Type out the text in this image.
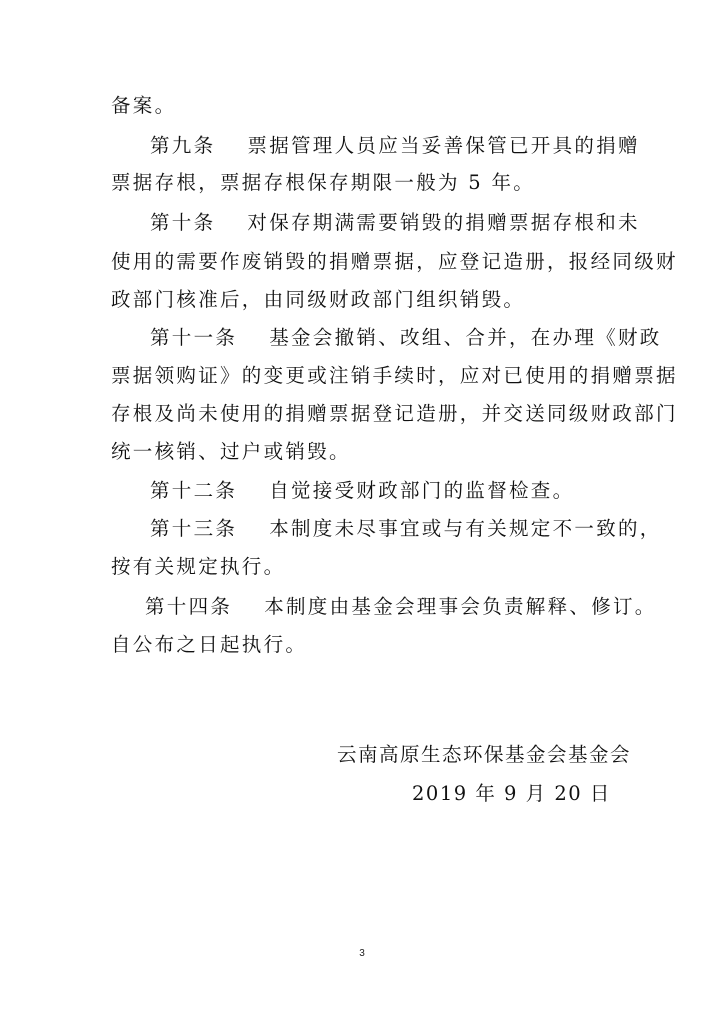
备案。
第九条 票据管理人员应当妥善保管已开具的捐赠
票据存根，票据存根保存期限一般为 5 年。
第十条 对保存期满需要销毁的捐赠票据存根和未
使用的需要作废销毁的捐赠票据，应登记造册，报经同级财
政部门核准后，由同级财政部门组织销毁。
第十一条 基金会撤销、改组、合并，在办理《财政
票据领购证》的变更或注销手续时，应对已使用的捐赠票据
存根及尚未使用的捐赠票据登记造册，并交送同级财政部门
统一核销、过户或销毁。
第十二条 自觉接受财政部门的监督检查。
第十三条 本制度未尽事宜或与有关规定不一致的，
按有关规定执行。
第十四条 本制度由基金会理事会负责解释、修订。
自公布之日起执行。
云南高原生态环保基金会基金会
2019 年 9 月 20 日
3
